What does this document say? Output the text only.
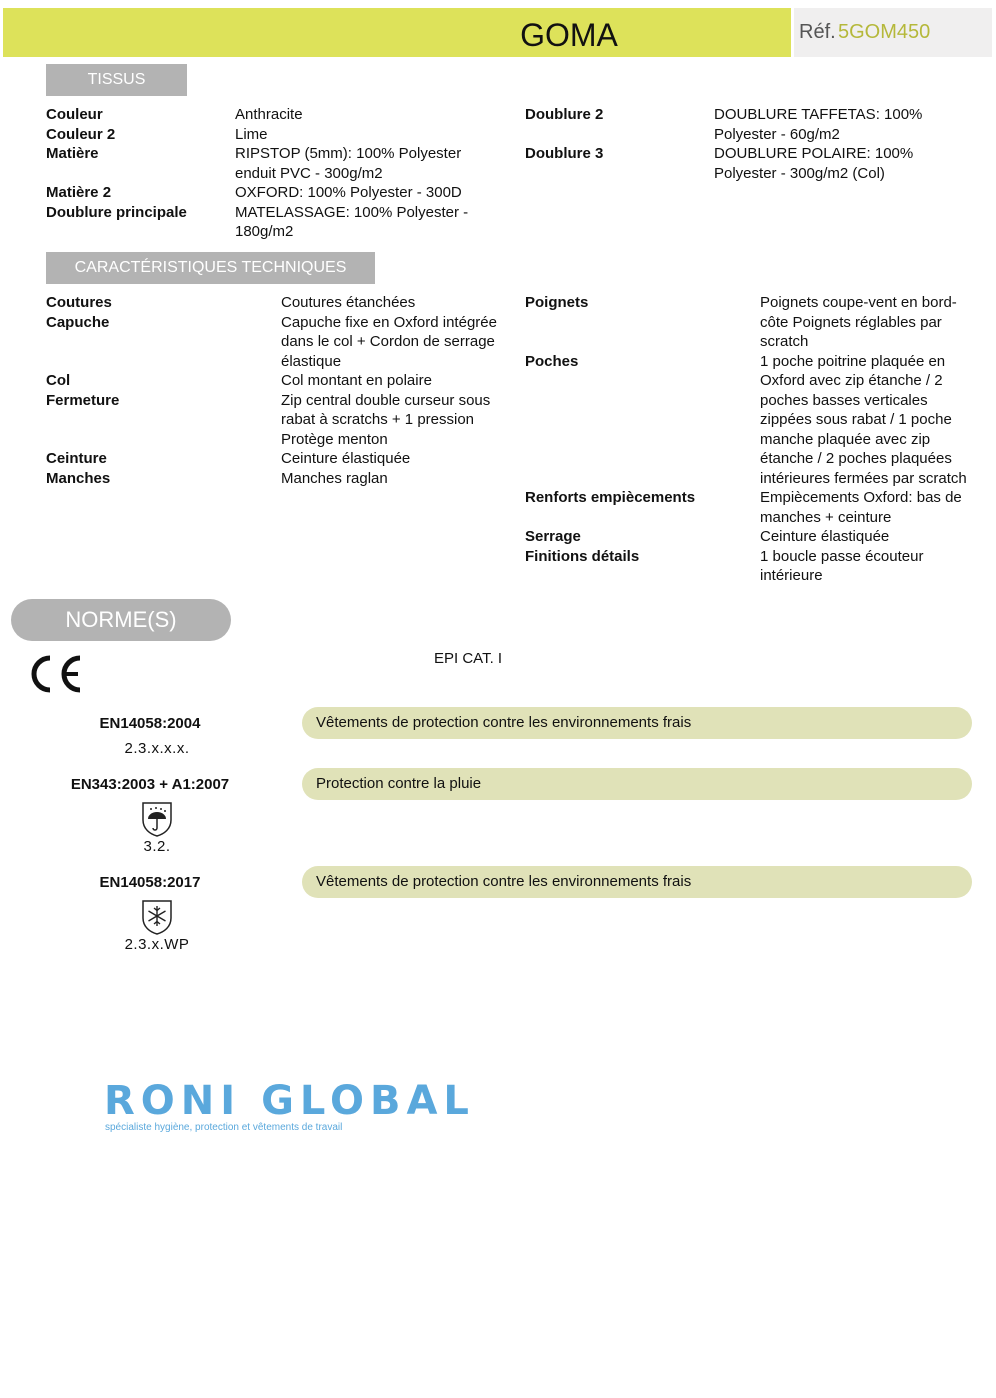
GOMA	Réf. 5GOM450
TISSUS
Couleur	Anthracite
Couleur 2	Lime
Matière	RIPSTOP (5mm): 100% Polyester enduit PVC - 300g/m2
Matière 2	OXFORD: 100% Polyester - 300D
Doublure principale	MATELASSAGE: 100% Polyester - 180g/m2
Doublure 2	DOUBLURE TAFFETAS: 100% Polyester - 60g/m2
Doublure 3	DOUBLURE POLAIRE: 100% Polyester - 300g/m2 (Col)
CARACTÉRISTIQUES TECHNIQUES
Coutures	Coutures étanchées
Capuche	Capuche fixe en Oxford intégrée dans le col + Cordon de serrage élastique
Col	Col montant en polaire
Fermeture	Zip central double curseur sous rabat à scratchs + 1 pression Protège menton
Ceinture	Ceinture élastiquée
Manches	Manches raglan
Poignets	Poignets coupe-vent en bord-côte Poignets réglables par scratch
Poches	1 poche poitrine plaquée en Oxford avec zip étanche / 2 poches basses verticales zippées sous rabat / 1 poche manche plaquée avec zip étanche / 2 poches plaquées intérieures fermées par scratch
Renforts empiècements	Empiècements Oxford: bas de manches + ceinture
Serrage	Ceinture élastiquée
Finitions détails	1 boucle passe écouteur intérieure
NORME(S)
CE	EPI CAT. I
EN14058:2004
2.3.x.x.x.
Vêtements de protection contre les environnements frais
EN343:2003 + A1:2007
3.2.
Protection contre la pluie
EN14058:2017
2.3.x.WP
Vêtements de protection contre les environnements frais
RONI GLOBAL
spécialiste hygiène, protection et vêtements de travail
